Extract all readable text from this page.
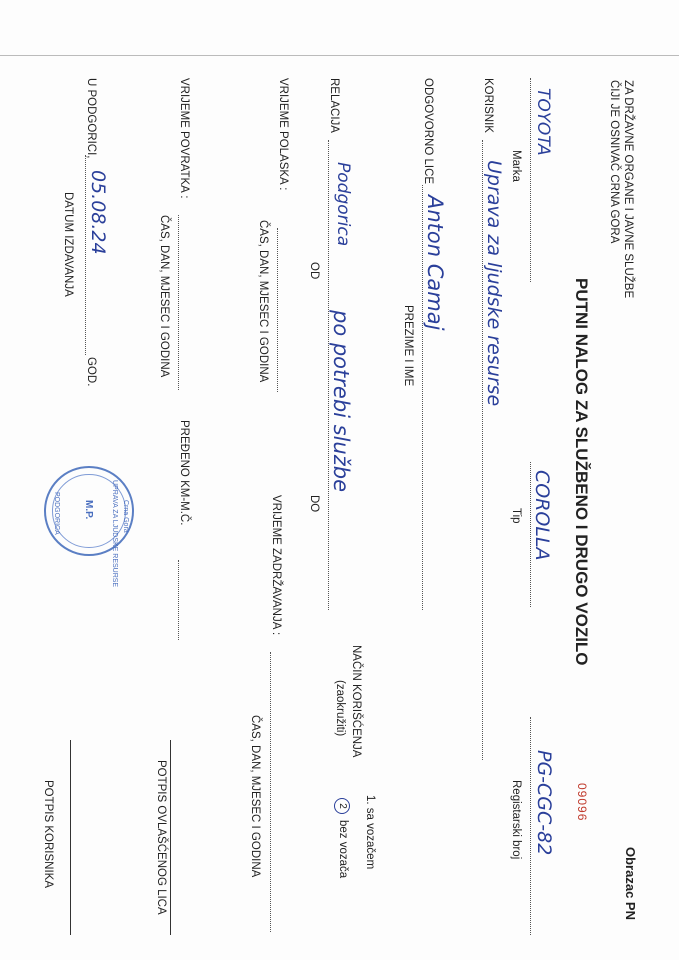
ZA DRŽAVNE ORGANE I JAVNE SLUŽBE
ČIJI JE OSNIVAČ CRNA GORA
Obrazac PN
PUTNI NALOG ZA SLUŽBENO I DRUGO VOZILO
09096
TOYOTA
Marka
COROLLA
Tip
PG-CGC-82
Registarski broj
KORISNIK
Uprava za ljudske resurse
ODGOVORNO LICE
Anton Camaj
PREZIME I IME
RELACIJA
Podgorica
OD
po potrebi službe
DO
NAČIN KORIŠĆENJA
(zaokružiti)
1. sa vozačem
2
bez vozača
VRIJEME POLASKA :
ČAS, DAN, MJESEC I GODINA
VRIJEME ZADRŽAVANJA :
ČAS, DAN, MJESEC I GODINA
VRIJEME POVRATKA :
ČAS, DAN, MJESEC I GODINA
PREĐENO KM-M.Č.
POTPIS OVLAŠĆENOG LICA
U PODGORICI,
05.08.24
GOD.
DATUM IZDAVANJA
Crna Gora
UPRAVA ZA LJUDSKE RESURSE
M.P.
PODGORICA
POTPIS KORISNIKA
